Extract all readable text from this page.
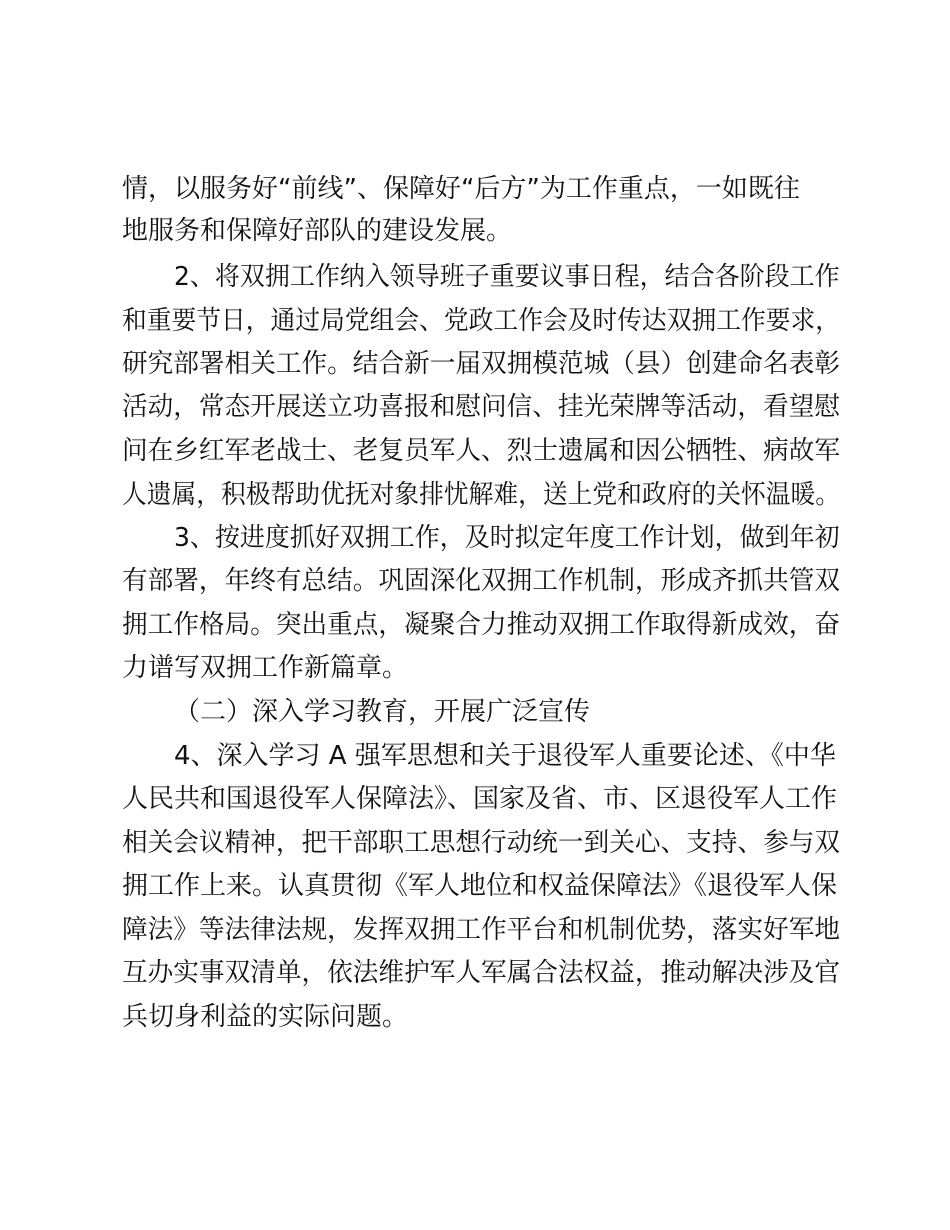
情，以服务好“前线”、保障好“后方”为工作重点，一如既往
地服务和保障好部队的建设发展。
2、将双拥工作纳入领导班子重要议事日程，结合各阶段工作
和重要节日，通过局党组会、党政工作会及时传达双拥工作要求，
研究部署相关工作。结合新一届双拥模范城（县）创建命名表彰
活动，常态开展送立功喜报和慰问信、挂光荣牌等活动，看望慰
问在乡红军老战士、老复员军人、烈士遗属和因公牺牲、病故军
人遗属，积极帮助优抚对象排忧解难，送上党和政府的关怀温暖。
3、按进度抓好双拥工作，及时拟定年度工作计划，做到年初
有部署，年终有总结。巩固深化双拥工作机制，形成齐抓共管双
拥工作格局。突出重点，凝聚合力推动双拥工作取得新成效，奋
力谱写双拥工作新篇章。
（二）深入学习教育，开展广泛宣传
4、深入学习 A 强军思想和关于退役军人重要论述、《中华
人民共和国退役军人保障法》、国家及省、市、区退役军人工作
相关会议精神，把干部职工思想行动统一到关心、支持、参与双
拥工作上来。认真贯彻《军人地位和权益保障法》《退役军人保
障法》等法律法规，发挥双拥工作平台和机制优势，落实好军地
互办实事双清单，依法维护军人军属合法权益，推动解决涉及官
兵切身利益的实际问题。
